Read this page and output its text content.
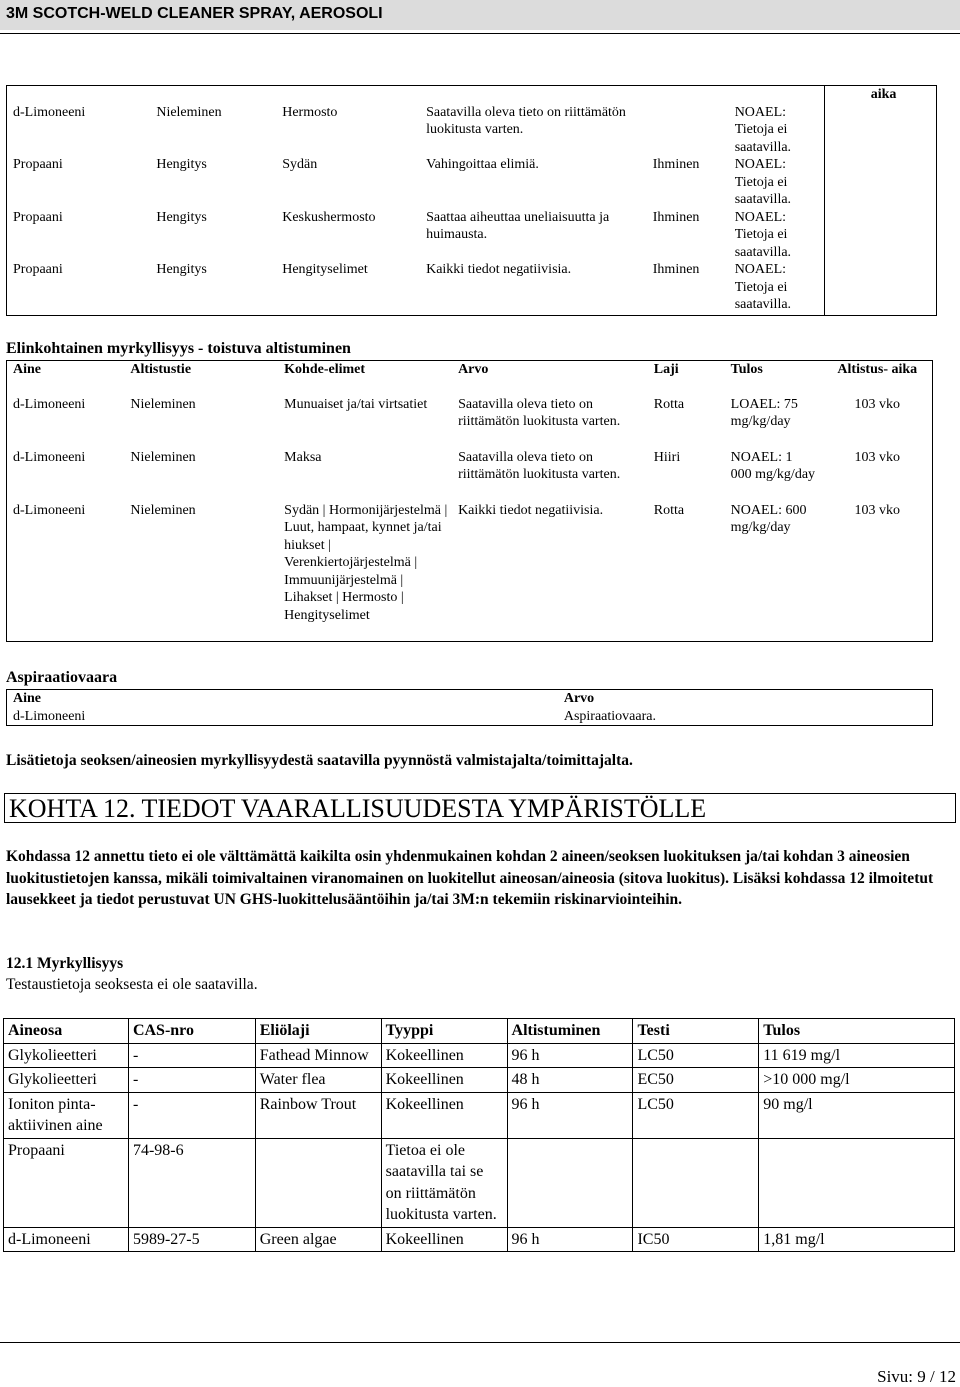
3M SCOTCH-WELD CLEANER SPRAY, AEROSOLI
						aika
d-Limoneeni	Nieleminen	Hermosto	Saatavilla oleva tieto on riittämätön luokitusta varten.		NOAEL: Tietoja ei saatavilla.	
Propaani	Hengitys	Sydän	Vahingoittaa elimiä.	Ihminen	NOAEL: Tietoja ei saatavilla.	
Propaani	Hengitys	Keskushermosto	Saattaa aiheuttaa uneliaisuutta ja huimausta.	Ihminen	NOAEL: Tietoja ei saatavilla.	
Propaani	Hengitys	Hengityselimet	Kaikki tiedot negatiivisia.	Ihminen	NOAEL: Tietoja ei saatavilla.	
Elinkohtainen myrkyllisyys - toistuva altistuminen
Aine	Altistustie	Kohde-elimet	Arvo	Laji	Tulos	Altistus- aika
d-Limoneeni	Nieleminen	Munuaiset ja/tai virtsatiet	Saatavilla oleva tieto on riittämätön luokitusta varten.	Rotta	LOAEL: 75 mg/kg/day	103 vko
d-Limoneeni	Nieleminen	Maksa	Saatavilla oleva tieto on riittämätön luokitusta varten.	Hiiri	NOAEL: 1 000 mg/kg/day	103 vko
d-Limoneeni	Nieleminen	Sydän | Hormonijärjestelmä | Luut, hampaat, kynnet ja/tai hiukset | Verenkiertojärjestelmä | Immuunijärjestelmä | Lihakset | Hermosto | Hengityselimet	Kaikki tiedot negatiivisia.	Rotta	NOAEL: 600 mg/kg/day	103 vko
Aspiraatiovaara
Aine	Arvo
d-Limoneeni	Aspiraatiovaara.
Lisätietoja seoksen/aineosien myrkyllisyydestä saatavilla pyynnöstä valmistajalta/toimittajalta.
KOHTA 12. TIEDOT VAARALLISUUDESTA YMPÄRISTÖLLE
Kohdassa 12 annettu tieto ei ole välttämättä kaikilta osin yhdenmukainen kohdan 2 aineen/seoksen luokituksen ja/tai kohdan 3 aineosien luokitustietojen kanssa, mikäli toimivaltainen viranomainen on luokitellut aineosan/aineosia (sitova luokitus). Lisäksi kohdassa 12 ilmoitetut lausekkeet ja tiedot perustuvat UN GHS-luokittelusääntöihin ja/tai 3M:n tekemiin riskinarviointeihin.
12.1 Myrkyllisyys
Testaustietoja seoksesta ei ole saatavilla.
Aineosa	CAS-nro	Eliölaji	Tyyppi	Altistuminen	Testi	Tulos
Glykolieetteri	-	Fathead Minnow	Kokeellinen	96 h	LC50	11 619 mg/l
Glykolieetteri	-	Water flea	Kokeellinen	48 h	EC50	>10 000 mg/l
Ioniton pinta-aktiivinen aine	-	Rainbow Trout	Kokeellinen	96 h	LC50	90 mg/l
Propaani	74-98-6		Tietoa ei ole saatavilla tai se on riittämätön luokitusta varten.			
d-Limoneeni	5989-27-5	Green algae	Kokeellinen	96 h	IC50	1,81 mg/l
Sivu: 9 / 12
